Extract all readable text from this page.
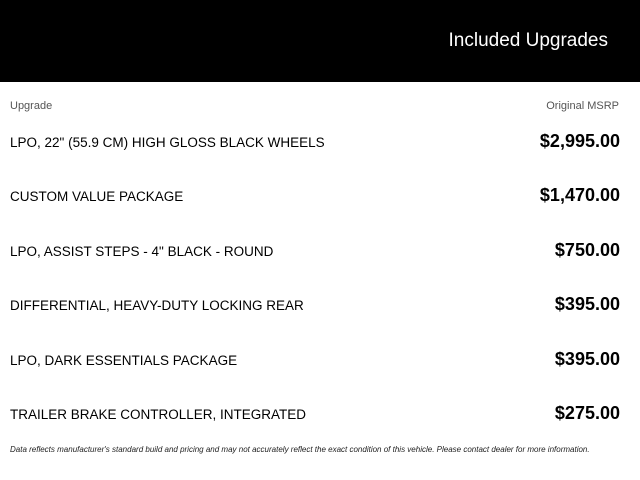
Included Upgrades
Upgrade	Original MSRP
LPO, 22" (55.9 CM) HIGH GLOSS BLACK WHEELS	$2,995.00
CUSTOM VALUE PACKAGE	$1,470.00
LPO, ASSIST STEPS - 4" BLACK - ROUND	$750.00
DIFFERENTIAL, HEAVY-DUTY LOCKING REAR	$395.00
LPO, DARK ESSENTIALS PACKAGE	$395.00
TRAILER BRAKE CONTROLLER, INTEGRATED	$275.00
Data reflects manufacturer's standard build and pricing and may not accurately reflect the exact condition of this vehicle. Please contact dealer for more information.
